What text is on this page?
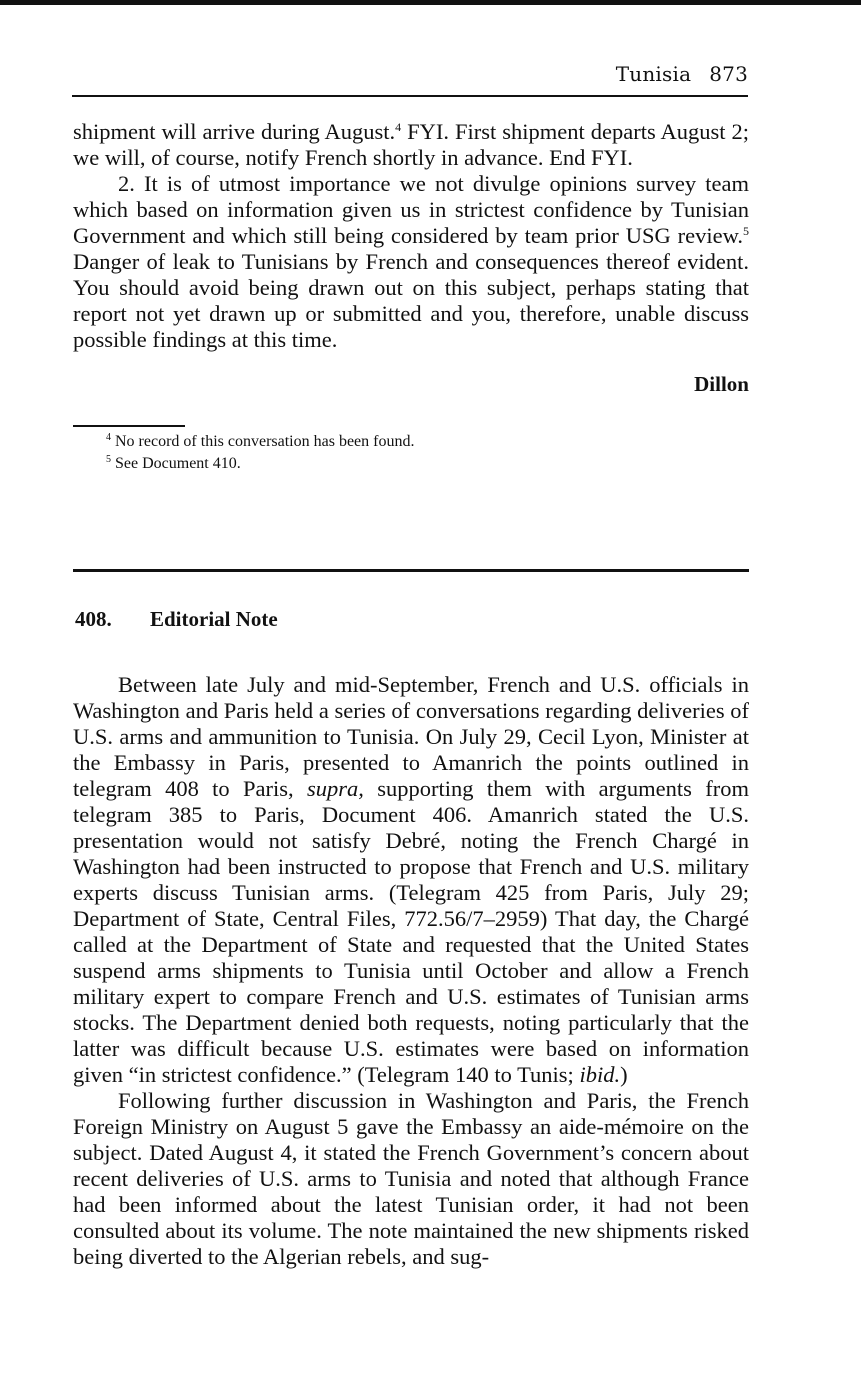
Tunisia 873

shipment will arrive during August.$^4$ FYI. First shipment departs August 2; we will, of course, notify French shortly in advance. End FYI.

2. It is of utmost importance we not divulge opinions survey team which based on information given us in strictest confidence by Tunisian Government and which still being considered by team prior USG review.$^5$ Danger of leak to Tunisians by French and consequences thereof evident. You should avoid being drawn out on this subject, perhaps stating that report not yet drawn up or submitted and you, therefore, unable discuss possible findings at this time.

Dillon
$^4$ No record of this conversation has been found.
$^5$ See Document 410.
408. Editorial Note

Between late July and mid-September, French and U.S. officials in Washington and Paris held a series of conversations regarding deliveries of U.S. arms and ammunition to Tunisia. On July 29, Cecil Lyon, Minister at the Embassy in Paris, presented to Amanrich the points outlined in telegram 408 to Paris, supra, supporting them with arguments from telegram 385 to Paris, Document 406. Amanrich stated the U.S. presentation would not satisfy Debré, noting the French Chargé in Washington had been instructed to propose that French and U.S. military experts discuss Tunisian arms. (Telegram 425 from Paris, July 29; Department of State, Central Files, 772.56/7–2959) That day, the Chargé called at the Department of State and requested that the United States suspend arms shipments to Tunisia until October and allow a French military expert to compare French and U.S. estimates of Tunisian arms stocks. The Department denied both requests, noting particularly that the latter was difficult because U.S. estimates were based on information given “in strictest confidence.” (Telegram 140 to Tunis; ibid.)

Following further discussion in Washington and Paris, the French Foreign Ministry on August 5 gave the Embassy an aide-mémoire on the subject. Dated August 4, it stated the French Government’s concern about recent deliveries of U.S. arms to Tunisia and noted that although France had been informed about the latest Tunisian order, it had not been consulted about its volume. The note maintained the new shipments risked being diverted to the Algerian rebels, and sug-
